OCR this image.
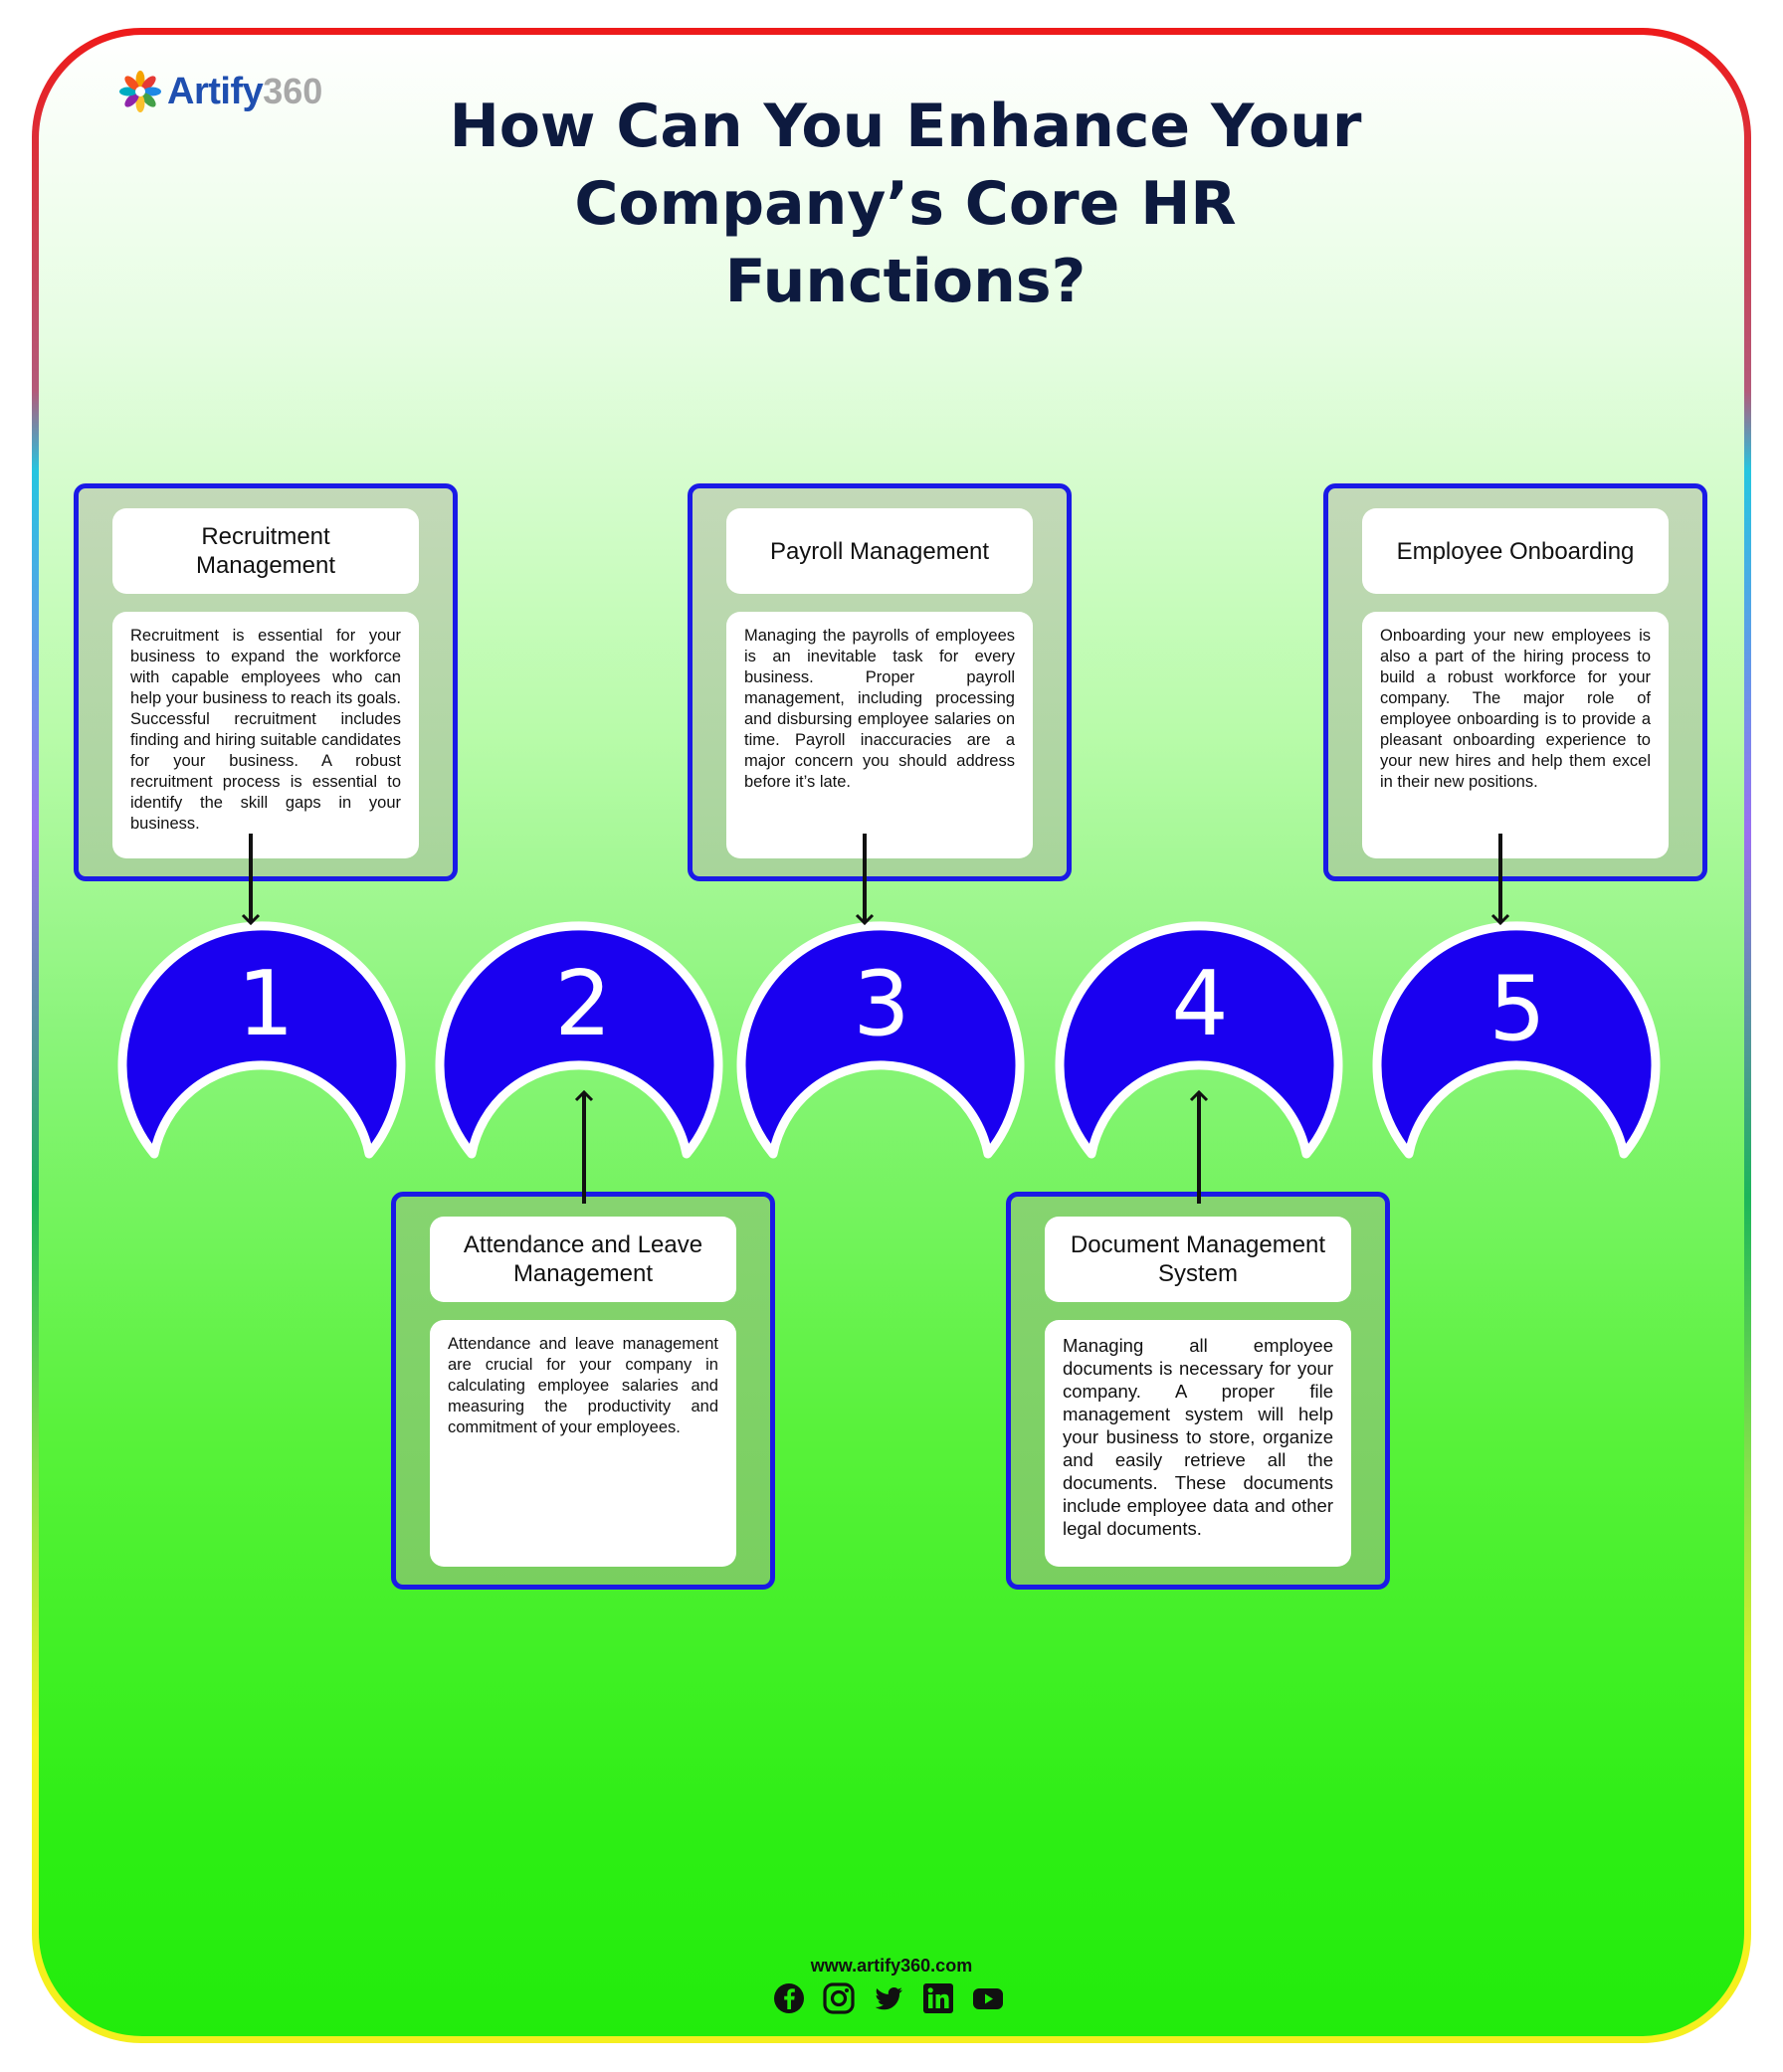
Artify 360
How Can You Enhance Your Company’s Core HR Functions?
Recruitment
Management
Recruitment is essential for your business to expand the workforce with capable employees who can help your business to reach its goals. Successful recruitment includes finding and hiring suitable candidates for your business. A robust recruitment process is essential to identify the skill gaps in your business.
Attendance and Leave
Management
Attendance and leave management are crucial for your company in calculating employee salaries and measuring the productivity and commitment of your employees.
Payroll Management
Managing the payrolls of employees is an inevitable task for every business. Proper payroll management, including processing and disbursing employee salaries on time. Payroll inaccuracies are a major concern you should address before it’s late.
Document Management
System
Managing all employee documents is necessary for your company. A proper file management system will help your business to store, organize and easily retrieve all the documents. These documents include employee data and other legal documents.
Employee Onboarding
Onboarding your new employees is also a part of the hiring process to build a robust workforce for your company. The major role of employee onboarding is to provide a pleasant onboarding experience to your new hires and help them excel in their new positions.
1	2	3	4	5
www.artify360.com
